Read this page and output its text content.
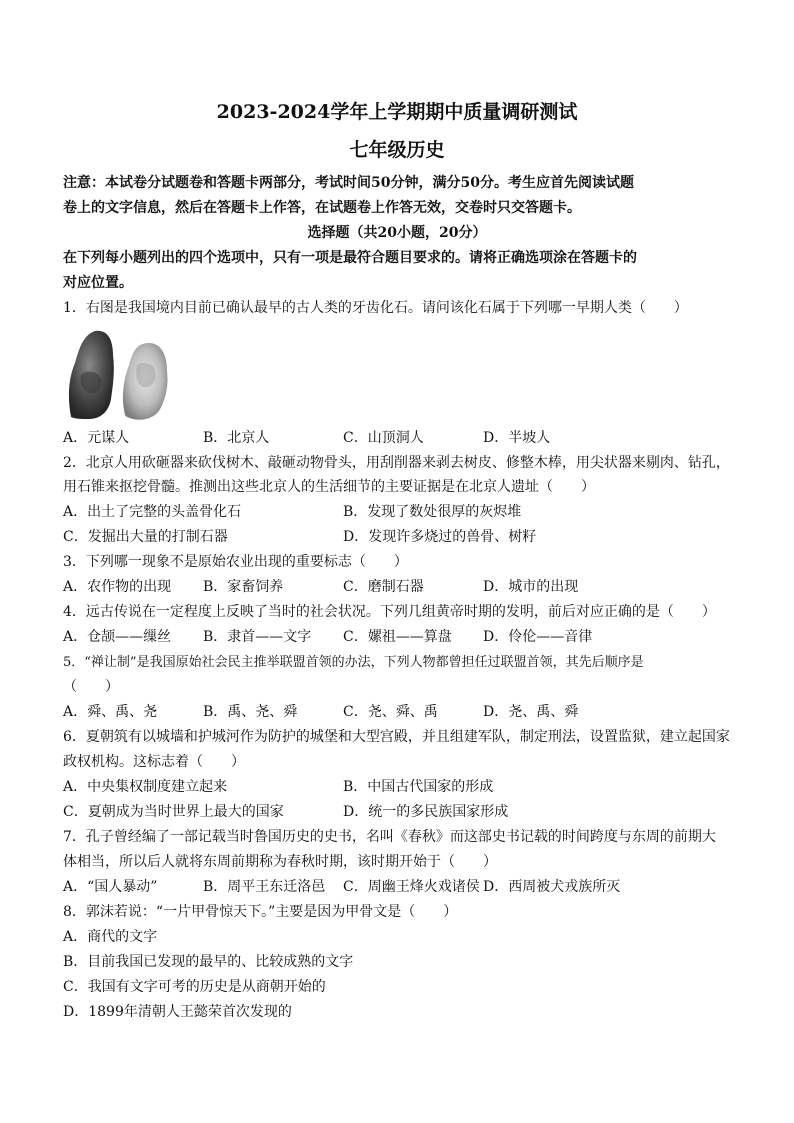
2023-2024学年上学期期中质量调研测试
七年级历史
注意：本试卷分试题卷和答题卡两部分，考试时间50分钟，满分50分。考生应首先阅读试题
卷上的文字信息，然后在答题卡上作答，在试题卷上作答无效，交卷时只交答题卡。
选择题（共20小题，20分）
在下列每小题列出的四个选项中，只有一项是最符合题目要求的。请将正确选项涂在答题卡的
对应位置。
1．右图是我国境内目前已确认最早的古人类的牙齿化石。请问该化石属于下列哪一早期人类（　　）
A．元谋人	B．北京人	C．山顶洞人	D．半坡人
2．北京人用砍砸器来砍伐树木、敲砸动物骨头，用刮削器来剥去树皮、修整木棒，用尖状器来剔肉、钻孔，
用石锥来抠挖骨髓。推测出这些北京人的生活细节的主要证据是在北京人遗址（　　）
A．出土了完整的头盖骨化石	B．发现了数处很厚的灰烬堆
C．发掘出大量的打制石器	D．发现许多烧过的兽骨、树籽
3．下列哪一现象不是原始农业出现的重要标志（　　）
A．农作物的出现 B．家畜饲养	C．磨制石器	D．城市的出现
4．远古传说在一定程度上反映了当时的社会状况。下列几组黄帝时期的发明，前后对应正确的是（　　）
A．仓颉——缫丝 B．隶首——文字 C．嫘祖——算盘 D．伶伦——音律
5．“禅让制”是我国原始社会民主推举联盟首领的办法，下列人物都曾担任过联盟首领，其先后顺序是
（　　）
A．舜、禹、尧	B．禹、尧、舜	C．尧、舜、禹	D．尧、禹、舜
6．夏朝筑有以城墙和护城河作为防护的城堡和大型宫殿，并且组建军队，制定刑法，设置监狱，建立起国家
政权机构。这标志着（　　）
A．中央集权制度建立起来	B．中国古代国家的形成
C．夏朝成为当时世界上最大的国家	D．统一的多民族国家形成
7．孔子曾经编了一部记载当时鲁国历史的史书，名叫《春秋》而这部史书记载的时间跨度与东周的前期大
体相当，所以后人就将东周前期称为春秋时期，该时期开始于（　　）
A．“国人暴动”	B．周平王东迁洛邑 C．周幽王烽火戏诸侯 D．西周被犬戎族所灭
8．郭沫若说：“一片甲骨惊天下。”主要是因为甲骨文是（　　）
A．商代的文字
B．目前我国已发现的最早的、比较成熟的文字
C．我国有文字可考的历史是从商朝开始的
D．1899年清朝人王懿荣首次发现的
